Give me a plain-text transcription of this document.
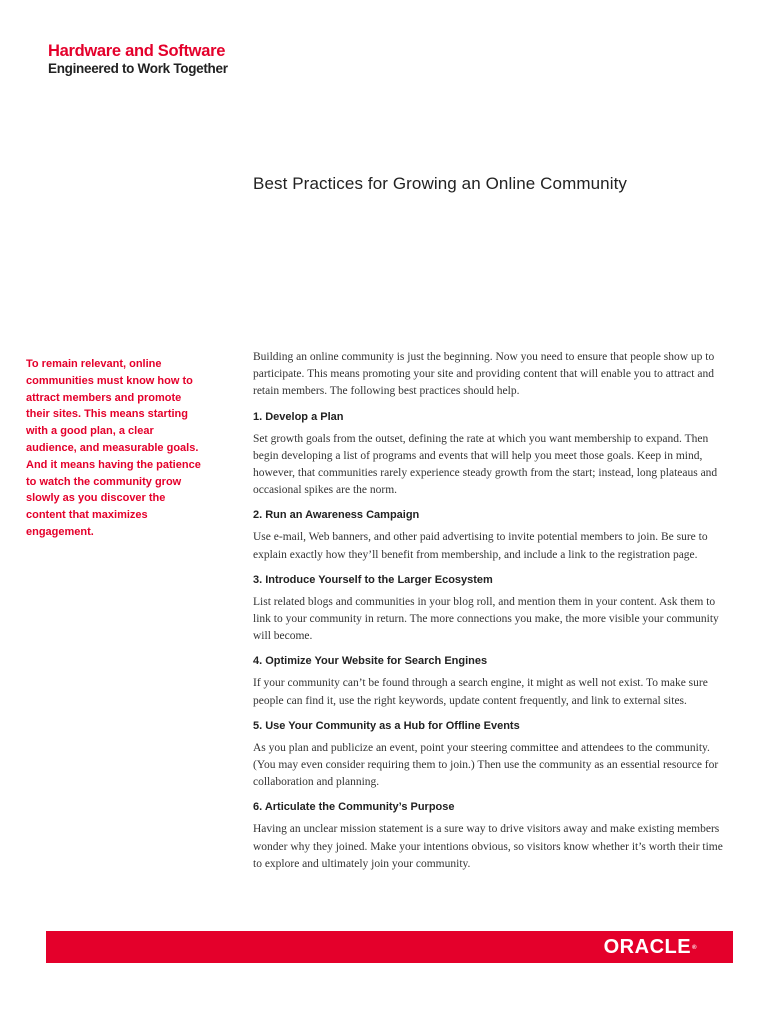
Hardware and Software
Engineered to Work Together
Best Practices for Growing an Online Community
To remain relevant, online communities must know how to attract members and promote their sites. This means starting with a good plan, a clear audience, and measurable goals. And it means having the patience to watch the community grow slowly as you discover the content that maximizes engagement.

Building an online community is just the beginning. Now you need to ensure that people show up to participate. This means promoting your site and providing content that will enable you to attract and retain members. The following best practices should help.

1. Develop a Plan

Set growth goals from the outset, defining the rate at which you want membership to expand. Then begin developing a list of programs and events that will help you meet those goals. Keep in mind, however, that communities rarely experience steady growth from the start; instead, long plateaus and occasional spikes are the norm.

2. Run an Awareness Campaign

Use e-mail, Web banners, and other paid advertising to invite potential members to join. Be sure to explain exactly how they’ll benefit from membership, and include a link to the registration page.

3. Introduce Yourself to the Larger Ecosystem

List related blogs and communities in your blog roll, and mention them in your content. Ask them to link to your community in return. The more connections you make, the more visible your community will become.

4. Optimize Your Website for Search Engines

If your community can’t be found through a search engine, it might as well not exist. To make sure people can find it, use the right keywords, update content frequently, and link to external sites.

5. Use Your Community as a Hub for Offline Events

As you plan and publicize an event, point your steering committee and attendees to the community. (You may even consider requiring them to join.) Then use the community as an essential resource for collaboration and planning.

6. Articulate the Community’s Purpose

Having an unclear mission statement is a sure way to drive visitors away and make existing members wonder why they joined. Make your intentions obvious, so visitors know whether it’s worth their time to explore and ultimately join your community.

ORACLE®
